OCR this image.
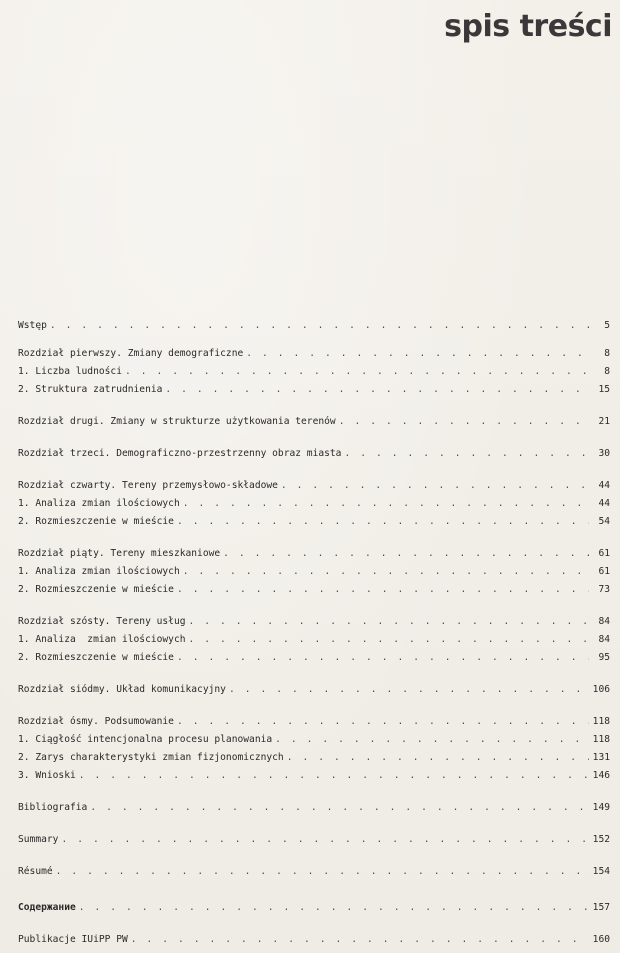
spis treści
Wstęp . . .	5
Rozdział pierwszy. Zmiany demograficzne . . .	8
1. Liczba ludności . . .	8
2. Struktura zatrudnienia . . .	15
Rozdział drugi. Zmiany w strukturze użytkowania terenów . . .	21
Rozdział trzeci. Demograficzno-przestrzenny obraz miasta . . .	30
Rozdział czwarty. Tereny przemysłowo-składowe . . .	44
1. Analiza zmian ilościowych . . .	44
2. Rozmieszczenie w mieście . . .	54
Rozdział piąty. Tereny mieszkaniowe . . .	61
1. Analiza zmian ilościowych . . .	61
2. Rozmieszczenie w mieście . . .	73
Rozdział szósty. Tereny usług . . .	84
1. Analiza  zmian ilościowych . . .	84
2. Rozmieszczenie w mieście . . .	95
Rozdział siódmy. Układ komunikacyjny . . .	106
Rozdział ósmy. Podsumowanie . . .	118
1. Ciągłość intencjonalna procesu planowania . . .	118
2. Zarys charakterystyki zmian fizjonomicznych . . .	131
3. Wnioski . . .	146
Bibliografia . . .	149
Summary . . .	152
Résumé . . .	154
Содержание . . .	157
Publikacje IUiPP PW . . .	160
